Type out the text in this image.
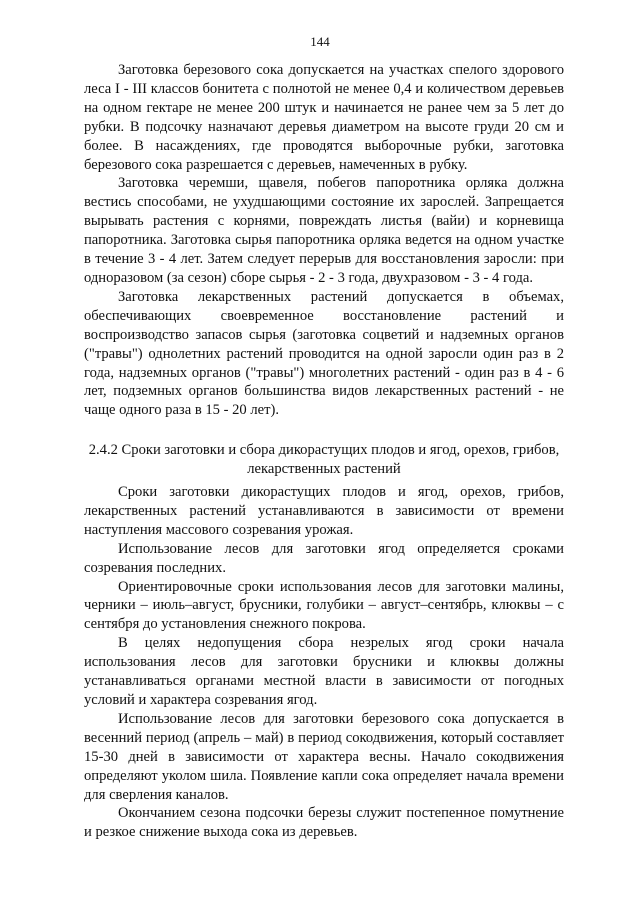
144

Заготовка березового сока допускается на участках спелого здорового леса I - III классов бонитета с полнотой не менее 0,4 и количеством деревьев на одном гектаре не менее 200 штук и начинается не ранее чем за 5 лет до рубки. В подсочку назначают деревья диаметром на высоте груди 20 см и более. В насаждениях, где проводятся выборочные рубки, заготовка березового сока разрешается с деревьев, намеченных в рубку.

Заготовка черемши, щавеля, побегов папоротника орляка должна вестись способами, не ухудшающими состояние их зарослей. Запрещается вырывать растения с корнями, повреждать листья (вайи) и корневища папоротника. Заготовка сырья папоротника орляка ведется на одном участке в течение 3 - 4 лет. Затем следует перерыв для восстановления заросли: при одноразовом (за сезон) сборе сырья - 2 - 3 года, двухразовом - 3 - 4 года.

Заготовка лекарственных растений допускается в объемах, обеспечивающих своевременное восстановление растений и воспроизводство запасов сырья (заготовка соцветий и надземных органов ("травы") однолетних растений проводится на одной заросли один раз в 2 года, надземных органов ("травы") многолетних растений - один раз в 4 - 6 лет, подземных органов большинства видов лекарственных растений - не чаще одного раза в 15 - 20 лет).

2.4.2 Сроки заготовки и сбора дикорастущих плодов и ягод, орехов, грибов, лекарственных растений

Сроки заготовки дикорастущих плодов и ягод, орехов, грибов, лекарственных растений устанавливаются в зависимости от времени наступления массового созревания урожая.

Использование лесов для заготовки ягод определяется сроками созревания последних.

Ориентировочные сроки использования лесов для заготовки малины, черники – июль–август, брусники, голубики – август–сентябрь, клюквы – с сентября до установления снежного покрова.

В целях недопущения сбора незрелых ягод сроки начала использования лесов для заготовки брусники и клюквы должны устанавливаться органами местной власти в зависимости от погодных условий и характера созревания ягод.

Использование лесов для заготовки березового сока допускается в весенний период (апрель – май) в период сокодвижения, который составляет 15-30 дней в зависимости от характера весны. Начало сокодвижения определяют уколом шила. Появление капли сока определяет начала времени для сверления каналов.

Окончанием сезона подсочки березы служит постепенное помутнение и резкое снижение выхода сока из деревьев.
